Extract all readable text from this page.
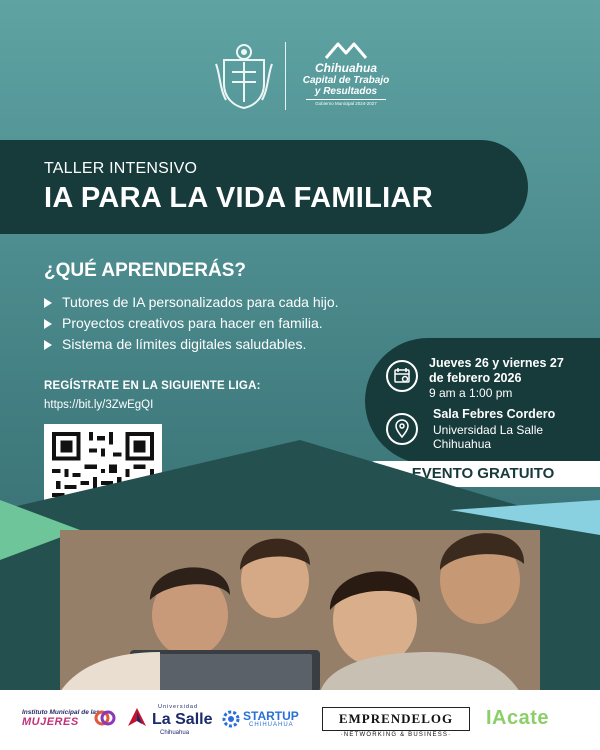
Chihuahua
Capital de Trabajo
y Resultados
Gobierno Municipal 2024-2027
TALLER INTENSIVO
IA PARA LA VIDA FAMILIAR
¿QUÉ APRENDERÁS?
Tutores de IA personalizados para cada hijo.
Proyectos creativos para hacer en familia.
Sistema de límites digitales saludables.
REGÍSTRATE EN LA SIGUIENTE LIGA:
https://bit.ly/3ZwEgQI
Jueves 26 y viernes 27 de febrero 2026
9 am a 1:00 pm
Sala Febres Cordero
Universidad La Salle Chihuahua
EVENTO GRATUITO
Instituto Municipal de las
MUJERES
Universidad
La Salle
Chihuahua
STARTUP
CHIHUAHUA	EMPRENDELOG
·NETWORKING & BUSINESS·
IAcate
